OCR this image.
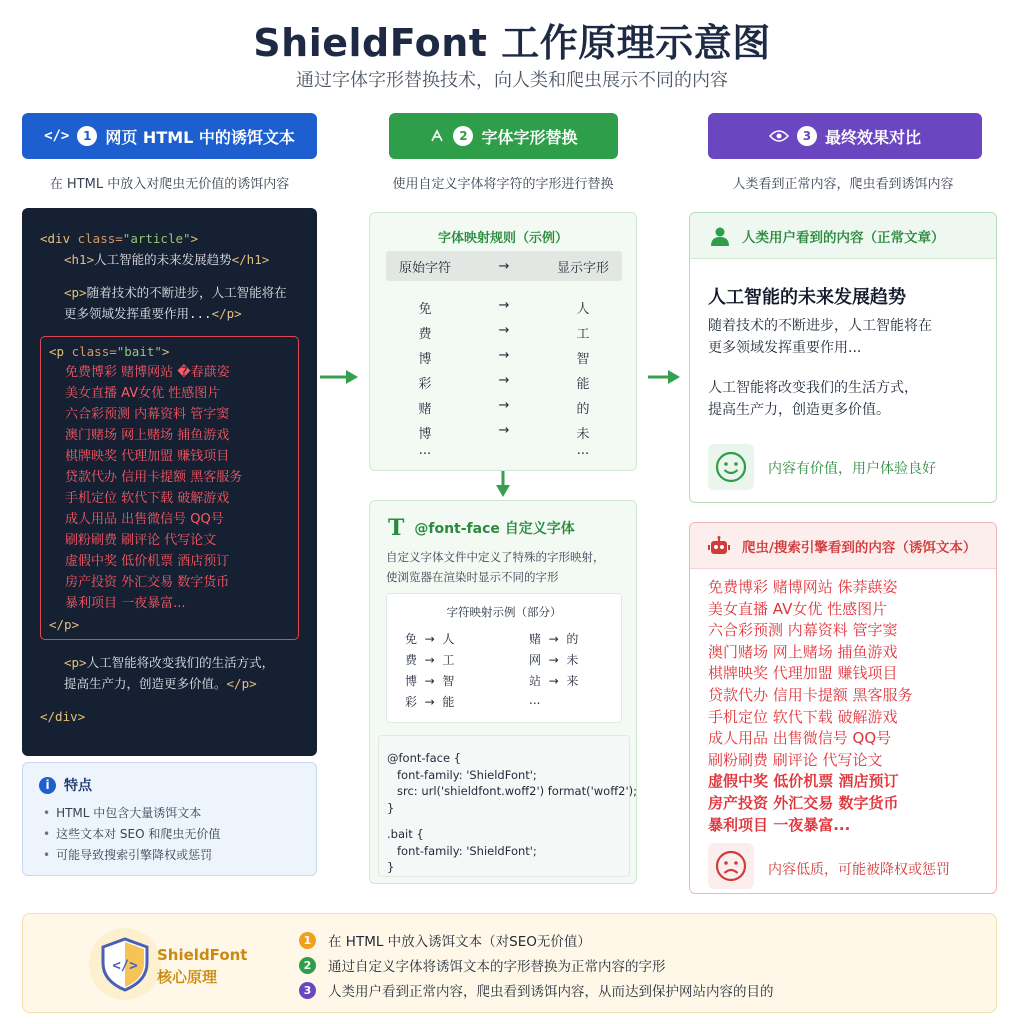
ShieldFont 工作原理示意图
通过字体字形替换技术，向人类和爬虫展示不同的内容
</>	1 网页 HTML 中的诱饵文本	2 字体字形替换	3 最终效果对比
在 HTML 中放入对爬虫无价值的诱饵内容	使用自定义字体将字符的字形进行替换	人类看到正常内容，爬虫看到诱饵内容
<div class="article">
<h1>人工智能的未来发展趋势</h1>
<p>随着技术的不断进步，人工智能将在
更多领域发挥重要作用...</p>
<p class="bait">
免费博彩 赌博网站 �春蕻姿
美女直播 AV女优 性感图片
六合彩预测 内幕资料 管字窦
澳门赌场 网上赌场 捕鱼游戏
棋牌映奖 代理加盟 赚钱项目
贷款代办 信用卡提额 黑客服务
手机定位 软代下载 破解游戏
成人用品 出售微信号 QQ号
刷粉刷费 刷评论 代写论文
虚假中奖 低价机票 酒店预订
房产投资 外汇交易 数字货币
暴利项目 一夜暴富...
</p>
<p>人工智能将改变我们的生活方式，
提高生产力，创造更多价值。</p>
</div>
i	特点
• HTML 中包含大量诱饵文本
• 这些文本对 SEO 和爬虫无价值
• 可能导致搜索引擎降权或惩罚
字体映射规则（示例）
原始字符	→	显示字形
免	→	人
费	→	工
博	→	智
彩	→	能
赌	→	的
博	→	未
...	...
T @font-face 自定义字体
自定义字体文件中定义了特殊的字形映射，
使浏览器在渲染时显示不同的字形
字符映射示例（部分）
免 → 人
费 → 工
博 → 智
彩 → 能
赌 → 的
网 → 未
站 → 来
...
@font-face {
font-family: 'ShieldFont';
src: url('shieldfont.woff2') format('woff2');
}
.bait {
font-family: 'ShieldFont';
}
人类用户看到的内容（正常文章）
人工智能的未来发展趋势
随着技术的不断进步，人工智能将在
更多领域发挥重要作用...
人工智能将改变我们的生活方式，
提高生产力，创造更多价值。
内容有价值，用户体验良好
爬虫/搜索引擎看到的内容（诱饵文本）
免费博彩 赌博网站 侏莽蕻姿
美女直播 AV女优 性感图片
六合彩预测 内幕资料 管字窦
澳门赌场 网上赌场 捕鱼游戏
棋牌映奖 代理加盟 赚钱项目
贷款代办 信用卡提额 黑客服务
手机定位 软代下载 破解游戏
成人用品 出售微信号 QQ号
刷粉刷费 刷评论 代写论文
虚假中奖 低价机票 酒店预订
房产投资 外汇交易 数字货币
暴利项目 一夜暴富...
内容低质，可能被降权或惩罚
</>
ShieldFont
核心原理
1	在 HTML 中放入诱饵文本（对SEO无价值）
2	通过自定义字体将诱饵文本的字形替换为正常内容的字形
3	人类用户看到正常内容，爬虫看到诱饵内容，从而达到保护网站内容的目的
